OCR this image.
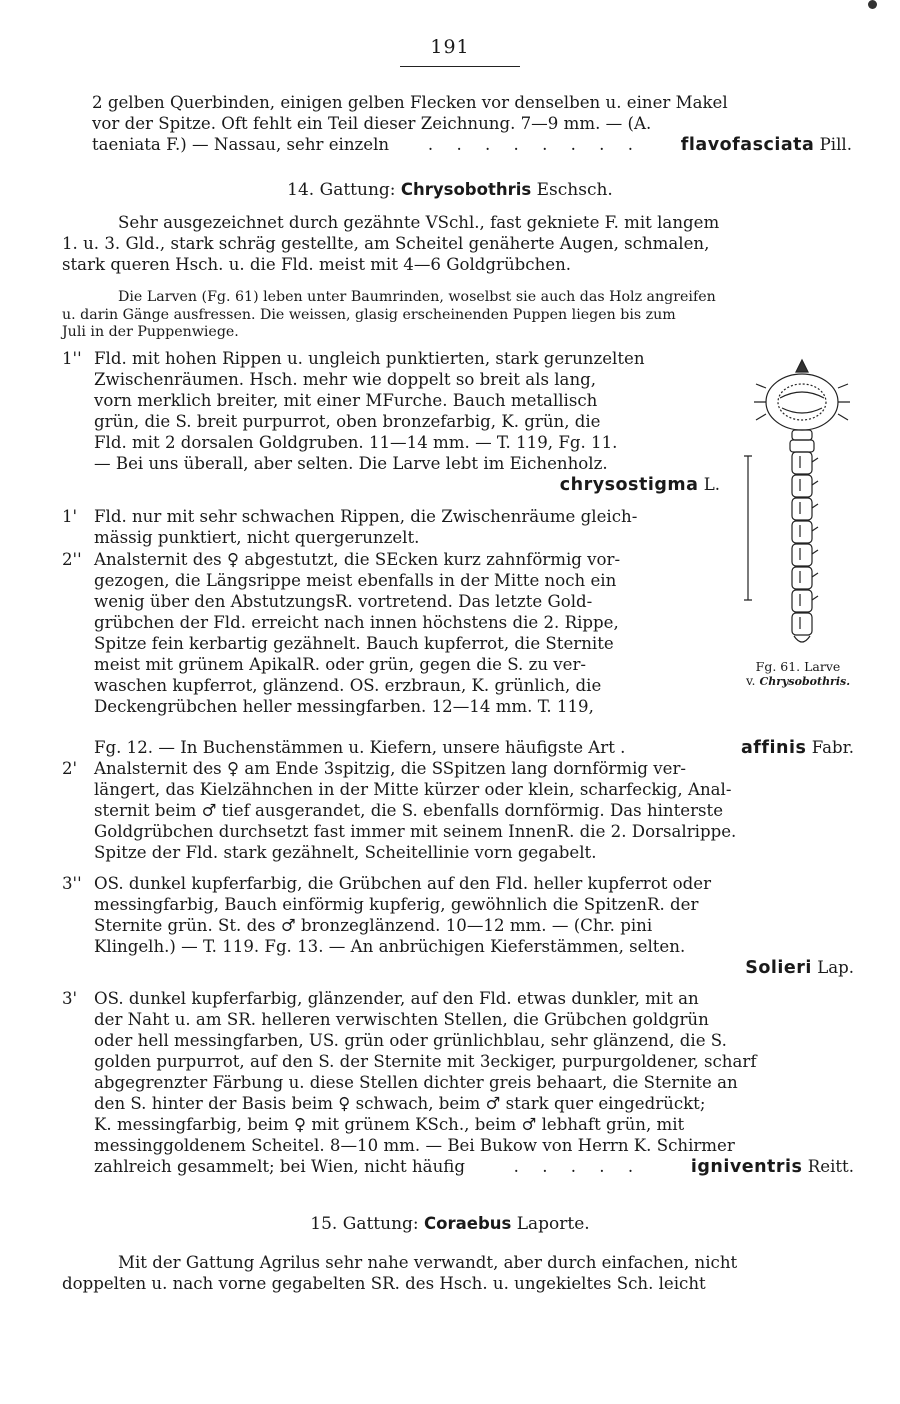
191
2 gelben Querbinden, einigen gelben Flecken vor denselben u. einer Makel
vor der Spitze. Oft fehlt ein Teil dieser Zeichnung. 7—9 mm. — (A.
taeniata F.) — Nassau, sehr einzeln . . . . . . . . flavofasciata Pill.
14. Gattung: Chrysobothris Eschsch.
Sehr ausgezeichnet durch gezähnte VSchl., fast gekniete F. mit langem
1. u. 3. Gld., stark schräg gestellte, am Scheitel genäherte Augen, schmalen,
stark queren Hsch. u. die Fld. meist mit 4—6 Goldgrübchen.
Die Larven (Fg. 61) leben unter Baumrinden, woselbst sie auch das Holz angreifen
u. darin Gänge ausfressen. Die weissen, glasig erscheinenden Puppen liegen bis zum
Juli in der Puppenwiege.
1'' Fld. mit hohen Rippen u. ungleich punktierten, stark gerunzelten
Zwischenräumen. Hsch. mehr wie doppelt so breit als lang,
vorn merklich breiter, mit einer MFurche. Bauch metallisch
grün, die S. breit purpurrot, oben bronzefarbig, K. grün, die
Fld. mit 2 dorsalen Goldgruben. 11—14 mm. — T. 119, Fg. 11.
— Bei uns überall, aber selten. Die Larve lebt im Eichenholz.
chrysostigma L.
1'	Fld. nur mit sehr schwachen Rippen, die Zwischenräume gleich-
mässig punktiert, nicht quergerunzelt.
2'' Analsternit des ♀ abgestutzt, die SEcken kurz zahnförmig vor-
gezogen, die Längsrippe meist ebenfalls in der Mitte noch ein
wenig über den AbstutzungsR. vortretend. Das letzte Gold-
grübchen der Fld. erreicht nach innen höchstens die 2. Rippe,
Spitze fein kerbartig gezähnelt. Bauch kupferrot, die Sternite
meist mit grünem ApikalR. oder grün, gegen die S. zu ver-
waschen kupferrot, glänzend. OS. erzbraun, K. grünlich, die
Deckengrübchen heller messingfarben. 12—14 mm. T. 119,
Fg. 12. — In Buchenstämmen u. Kiefern, unsere häufigste Art .	affinis Fabr.
2'	Analsternit des ♀ am Ende 3spitzig, die SSpitzen lang dornförmig ver-
längert, das Kielzähnchen in der Mitte kürzer oder klein, scharfeckig, Anal-
sternit beim ♂ tief ausgerandet, die S. ebenfalls dornförmig. Das hinterste
Goldgrübchen durchsetzt fast immer mit seinem InnenR. die 2. Dorsalrippe.
Spitze der Fld. stark gezähnelt, Scheitellinie vorn gegabelt.
3'' OS. dunkel kupferfarbig, die Grübchen auf den Fld. heller kupferrot oder
messingfarbig, Bauch einförmig kupferig, gewöhnlich die SpitzenR. der
Sternite grün. St. des ♂ bronzeglänzend. 10—12 mm. — (Chr. pini
Klingelh.) — T. 119. Fg. 13. — An anbrüchigen Kieferstämmen, selten.
Solieri Lap.
3'	OS. dunkel kupferfarbig, glänzender, auf den Fld. etwas dunkler, mit an
der Naht u. am SR. helleren verwischten Stellen, die Grübchen goldgrün
oder hell messingfarben, US. grün oder grünlichblau, sehr glänzend, die S.
golden purpurrot, auf den S. der Sternite mit 3eckiger, purpurgoldener, scharf
abgegrenzter Färbung u. diese Stellen dichter greis behaart, die Sternite an
den S. hinter der Basis beim ♀ schwach, beim ♂ stark quer eingedrückt;
K. messingfarbig, beim ♀ mit grünem KSch., beim ♂ lebhaft grün, mit
messinggoldenem Scheitel. 8—10 mm. — Bei Bukow von Herrn K. Schirmer
zahlreich gesammelt; bei Wien, nicht häufig	. . . . .	igniventris Reitt.
15. Gattung: Coraebus Laporte.
Mit der Gattung Agrilus sehr nahe verwandt, aber durch einfachen, nicht
doppelten u. nach vorne gegabelten SR. des Hsch. u. ungekieltes Sch. leicht
Fg. 61. Larve
v. Chrysobothris.
